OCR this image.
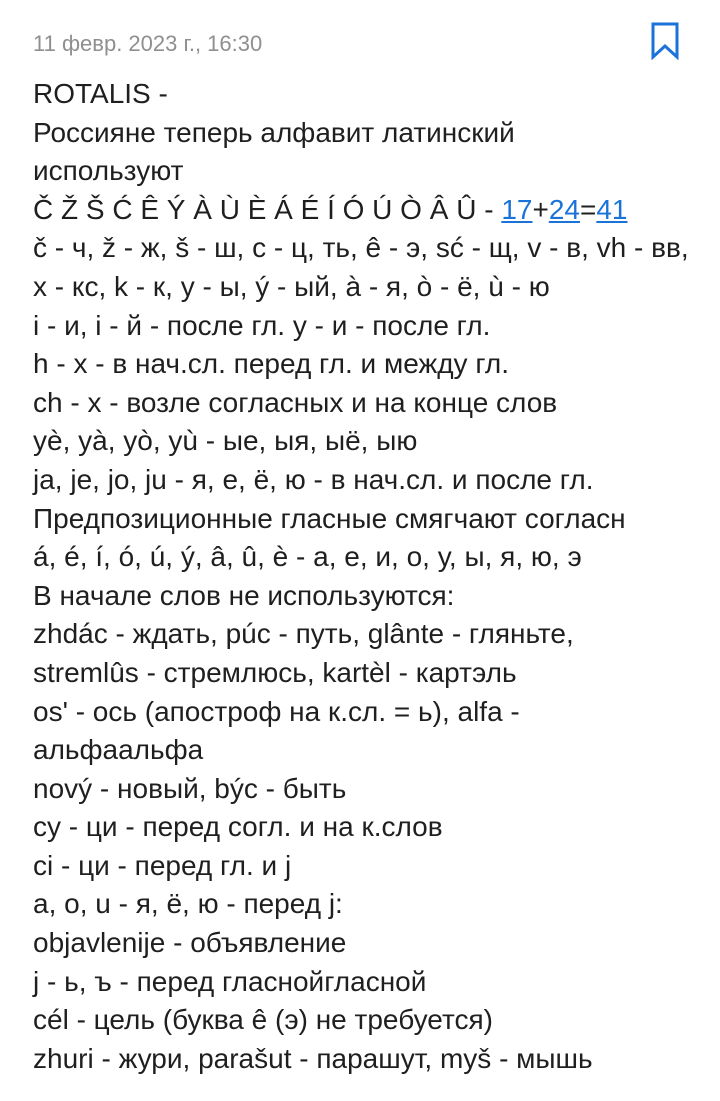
11 февр. 2023 г., 16:30
ROTALIS -
Россияне теперь алфавит латинский
используют
Č Ž Š Ć Ê Ý À Ù È Á É Í Ó Ú Ò Â Û - 17+24=41
č - ч, ž - ж, š - ш, c - ц, ть, ê - э, sć - щ, v - в, vh - вв,
x - кс, k - к, y - ы, ý - ый, à - я, ò - ё, ù - ю
i - и, i - й - после гл. y - и - после гл.
h - х - в нач.сл. перед гл. и между гл.
ch - х - возле согласных и на конце слов
yè, yà, yò, yù - ые, ыя, ыё, ыю
ja, je, jo, ju - я, е, ё, ю - в нач.сл. и после гл.
Предпозиционные гласные смягчают согласн
á, é, í, ó, ú, ý, â, û, è - а, е, и, о, у, ы, я, ю, э
В начале слов не используются:
zhdác - ждать, púc - путь, glânte - гляньте,
stremlûs - стремлюсь, kartèl - картэль
os' - ось (апостроф на к.сл. = ь), alfa -
альфаальфа
nový - новый, býc - быть
cy - ци - перед согл. и на к.слов
ci - ци - перед гл. и j
a, o, u - я, ё, ю - перед j:
objavlenije - объявление
j - ь, ъ - перед гласнойгласной
cél - цель (буква ê (э) не требуется)
zhuri - жури, parašut - парашут, myš - мышь
